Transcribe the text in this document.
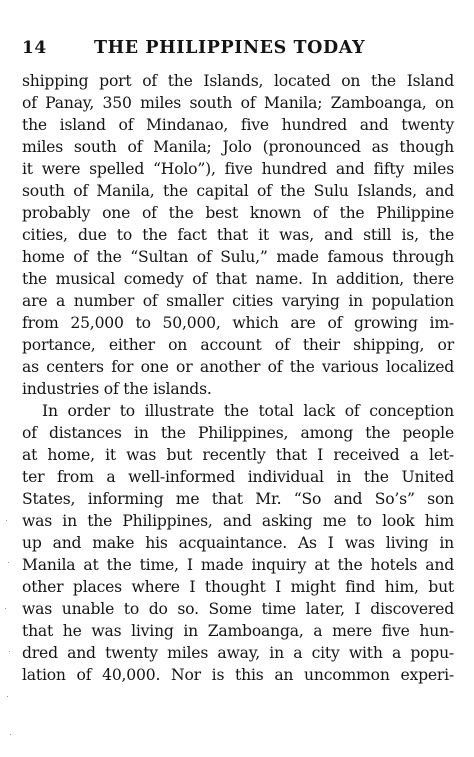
14	THE PHILIPPINES TODAY
shipping port of the Islands, located on the Island
of Panay, 350 miles south of Manila; Zamboanga, on
the island of Mindanao, five hundred and twenty
miles south of Manila; Jolo (pronounced as though
it were spelled “Holo”), five hundred and fifty miles
south of Manila, the capital of the Sulu Islands, and
probably one of the best known of the Philippine
cities, due to the fact that it was, and still is, the
home of the “Sultan of Sulu,” made famous through
the musical comedy of that name. In addition, there
are a number of smaller cities varying in population
from 25,000 to 50,000, which are of growing im-
portance, either on account of their shipping, or
as centers for one or another of the various localized
industries of the islands.
In order to illustrate the total lack of conception
of distances in the Philippines, among the people
at home, it was but recently that I received a let-
ter from a well-informed individual in the United
States, informing me that Mr. “So and So’s” son
was in the Philippines, and asking me to look him
up and make his acquaintance. As I was living in
Manila at the time, I made inquiry at the hotels and
other places where I thought I might find him, but
was unable to do so. Some time later, I discovered
that he was living in Zamboanga, a mere five hun-
dred and twenty miles away, in a city with a popu-
lation of 40,000. Nor is this an uncommon experi-
